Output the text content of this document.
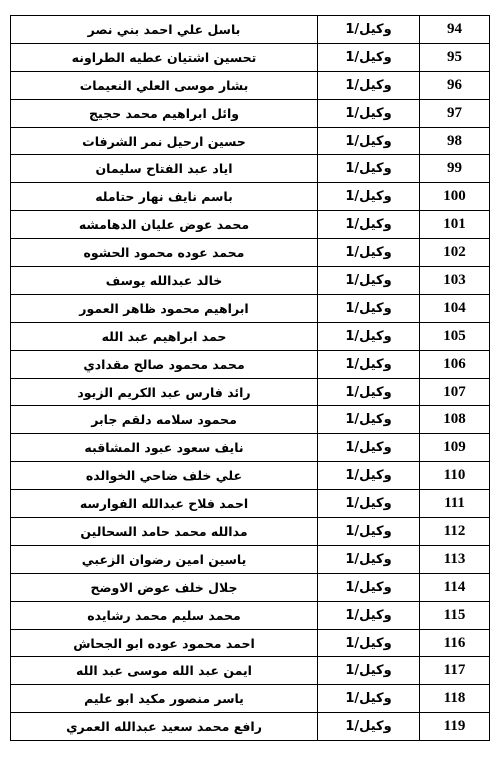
94	وكيل/1	باسل علي احمد بني نصر
95	وكيل/1	تحسين اشتيان عطيه الطراونه
96	وكيل/1	بشار موسى العلي النعيمات
97	وكيل/1	وائل ابراهيم محمد حجيج
98	وكيل/1	حسين ارحيل نمر الشرفات
99	وكيل/1	اياد عبد الفتاح سليمان
100	وكيل/1	باسم نايف نهار حتامله
101	وكيل/1	محمد عوض عليان الدهامشه
102	وكيل/1	محمد عوده محمود الحشوه
103	وكيل/1	خالد عبدالله يوسف
104	وكيل/1	ابراهيم محمود ظاهر العمور
105	وكيل/1	حمد ابراهيم عبد الله
106	وكيل/1	محمد محمود صالح مقدادي
107	وكيل/1	رائد فارس عبد الكريم الزيود
108	وكيل/1	محمود سلامه دلقم جابر
109	وكيل/1	نايف سعود عبود المشاقبه
110	وكيل/1	علي خلف ضاحي الخوالده
111	وكيل/1	احمد فلاح عبدالله الفوارسه
112	وكيل/1	مدالله محمد حامد السحالين
113	وكيل/1	ياسين امين رضوان الزعبي
114	وكيل/1	جلال خلف عوض الاوضح
115	وكيل/1	محمد سليم محمد رشايده
116	وكيل/1	احمد محمود عوده ابو الجحاش
117	وكيل/1	ايمن عبد الله موسى عبد الله
118	وكيل/1	ياسر منصور مكيد ابو عليم
119	وكيل/1	رافع محمد سعيد عبدالله العمري
